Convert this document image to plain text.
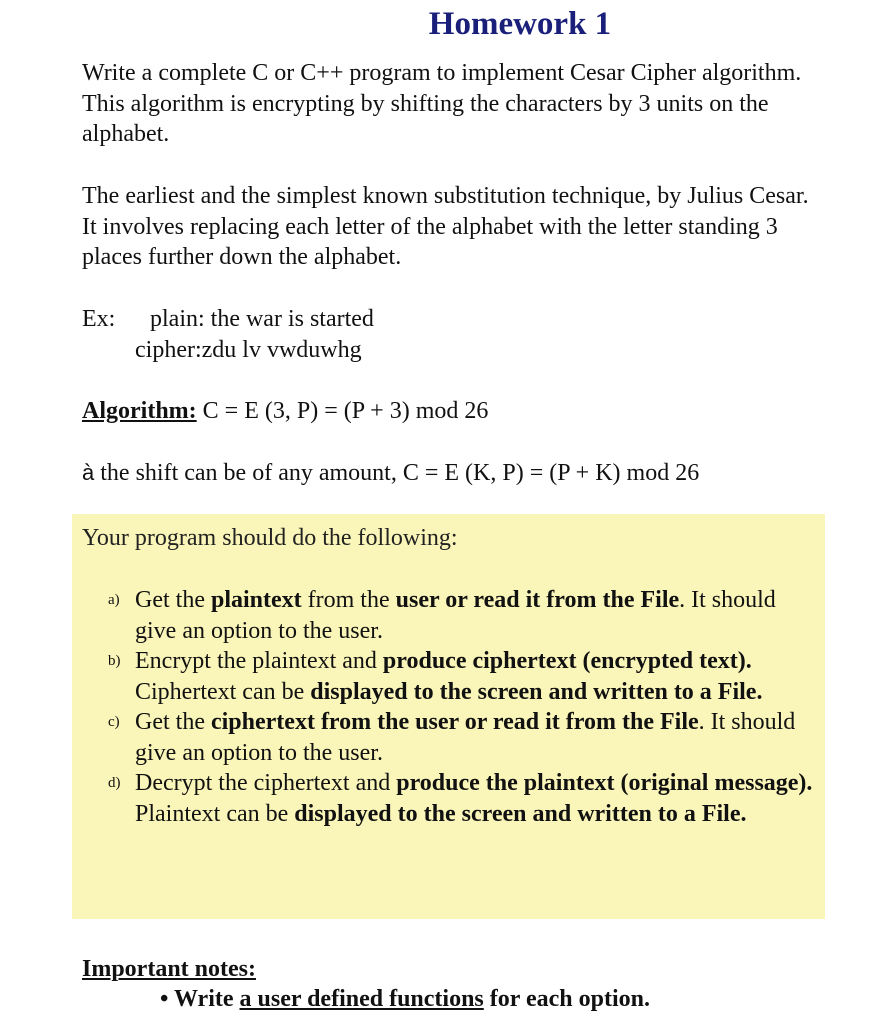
Homework 1

Write a complete C or C++ program to implement Cesar Cipher algorithm. This algorithm is encrypting by shifting the characters by 3 units on the alphabet.

The earliest and the simplest known substitution technique, by Julius Cesar. It involves replacing each letter of the alphabet with the letter standing 3 places further down the alphabet.

Ex: plain: the war is started
cipher:zdu lv vwduwhg
Algorithm: C = E (3, P) = (P + 3) mod 26
à the shift can be of any amount, C = E (K, P) = (P + K) mod 26

Your program should do the following:

a) Get the plaintext from the user or read it from the File. It should give an option to the user.
b) Encrypt the plaintext and produce ciphertext (encrypted text). Ciphertext can be displayed to the screen and written to a File.
c) Get the ciphertext from the user or read it from the File. It should give an option to the user.
d) Decrypt the ciphertext and produce the plaintext (original message). Plaintext can be displayed to the screen and written to a File.
Important notes:
• Write a user defined functions for each option.
